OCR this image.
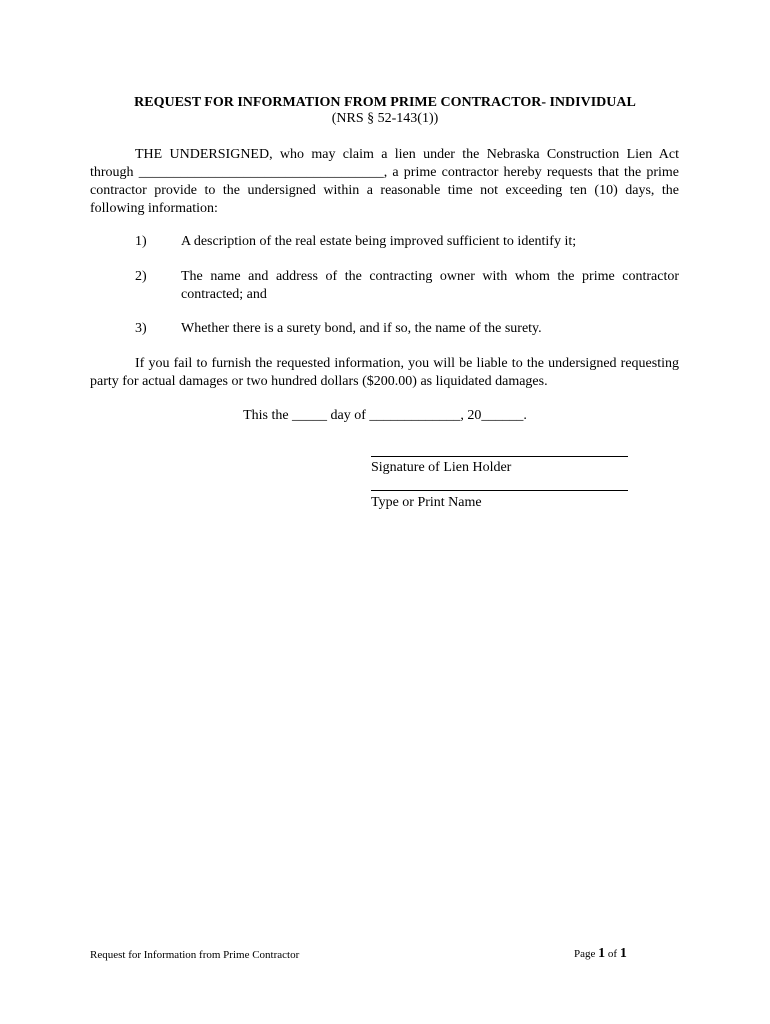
REQUEST FOR INFORMATION FROM PRIME CONTRACTOR- INDIVIDUAL
(NRS § 52-143(1))

THE UNDERSIGNED, who may claim a lien under the Nebraska Construction Lien Act through ___________________________________, a prime contractor hereby requests that the prime contractor provide to the undersigned within a reasonable time not exceeding ten (10) days, the following information:

1) A description of the real estate being improved sufficient to identify it;
2) The name and address of the contracting owner with whom the prime contractor contracted; and
3) Whether there is a surety bond, and if so, the name of the surety.

If you fail to furnish the requested information, you will be liable to the undersigned requesting party for actual damages or two hundred dollars ($200.00) as liquidated damages.

This the _____ day of _____________, 20______.
Signature of Lien Holder
Type or Print Name
Request for Information from Prime Contractor	Page 1 of 1
